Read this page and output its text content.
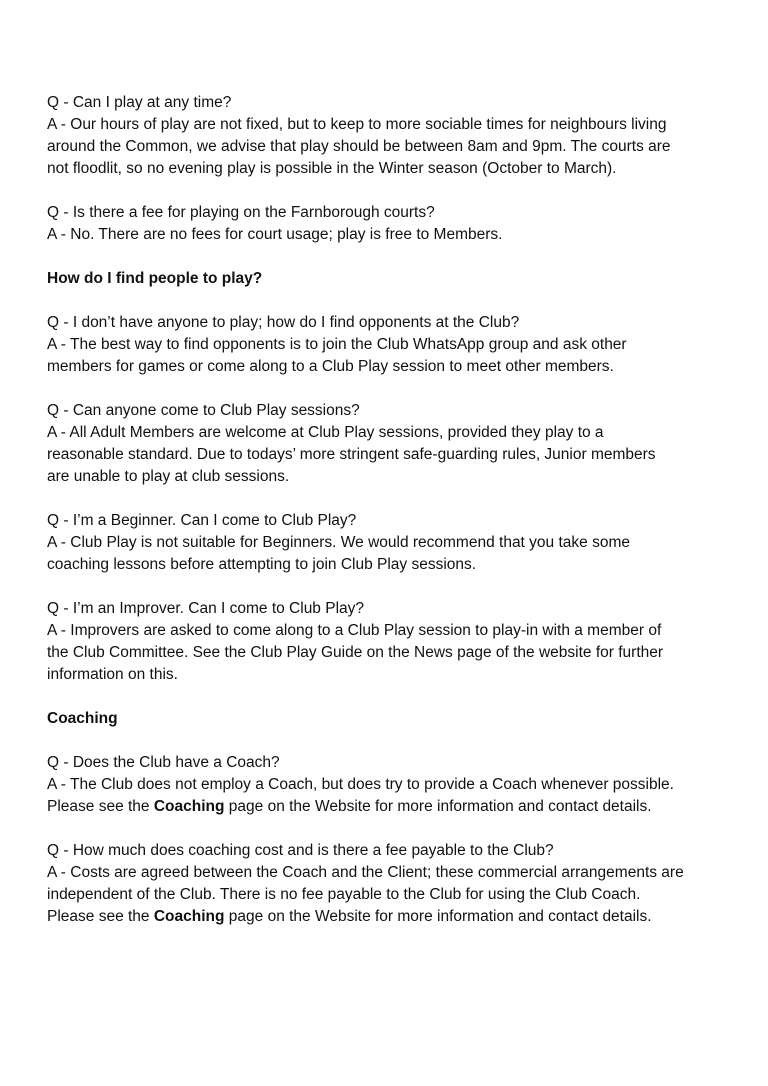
Q - Can I play at any time?
A - Our hours of play are not fixed, but to keep to more sociable times for neighbours living
around the Common, we advise that play should be between 8am and 9pm. The courts are
not floodlit, so no evening play is possible in the Winter season (October to March).
Q - Is there a fee for playing on the Farnborough courts?
A - No. There are no fees for court usage; play is free to Members.
How do I find people to play?
Q - I don’t have anyone to play; how do I find opponents at the Club?
A - The best way to find opponents is to join the Club WhatsApp group and ask other
members for games or come along to a Club Play session to meet other members.
Q - Can anyone come to Club Play sessions?
A - All Adult Members are welcome at Club Play sessions, provided they play to a
reasonable standard. Due to todays’ more stringent safe-guarding rules, Junior members
are unable to play at club sessions.
Q - I’m a Beginner. Can I come to Club Play?
A - Club Play is not suitable for Beginners. We would recommend that you take some
coaching lessons before attempting to join Club Play sessions.
Q - I’m an Improver. Can I come to Club Play?
A - Improvers are asked to come along to a Club Play session to play-in with a member of
the Club Committee. See the Club Play Guide on the News page of the website for further
information on this.
Coaching
Q - Does the Club have a Coach?
A - The Club does not employ a Coach, but does try to provide a Coach whenever possible.
Please see the Coaching page on the Website for more information and contact details.
Q - How much does coaching cost and is there a fee payable to the Club?
A - Costs are agreed between the Coach and the Client; these commercial arrangements are
independent of the Club. There is no fee payable to the Club for using the Club Coach.
Please see the Coaching page on the Website for more information and contact details.
